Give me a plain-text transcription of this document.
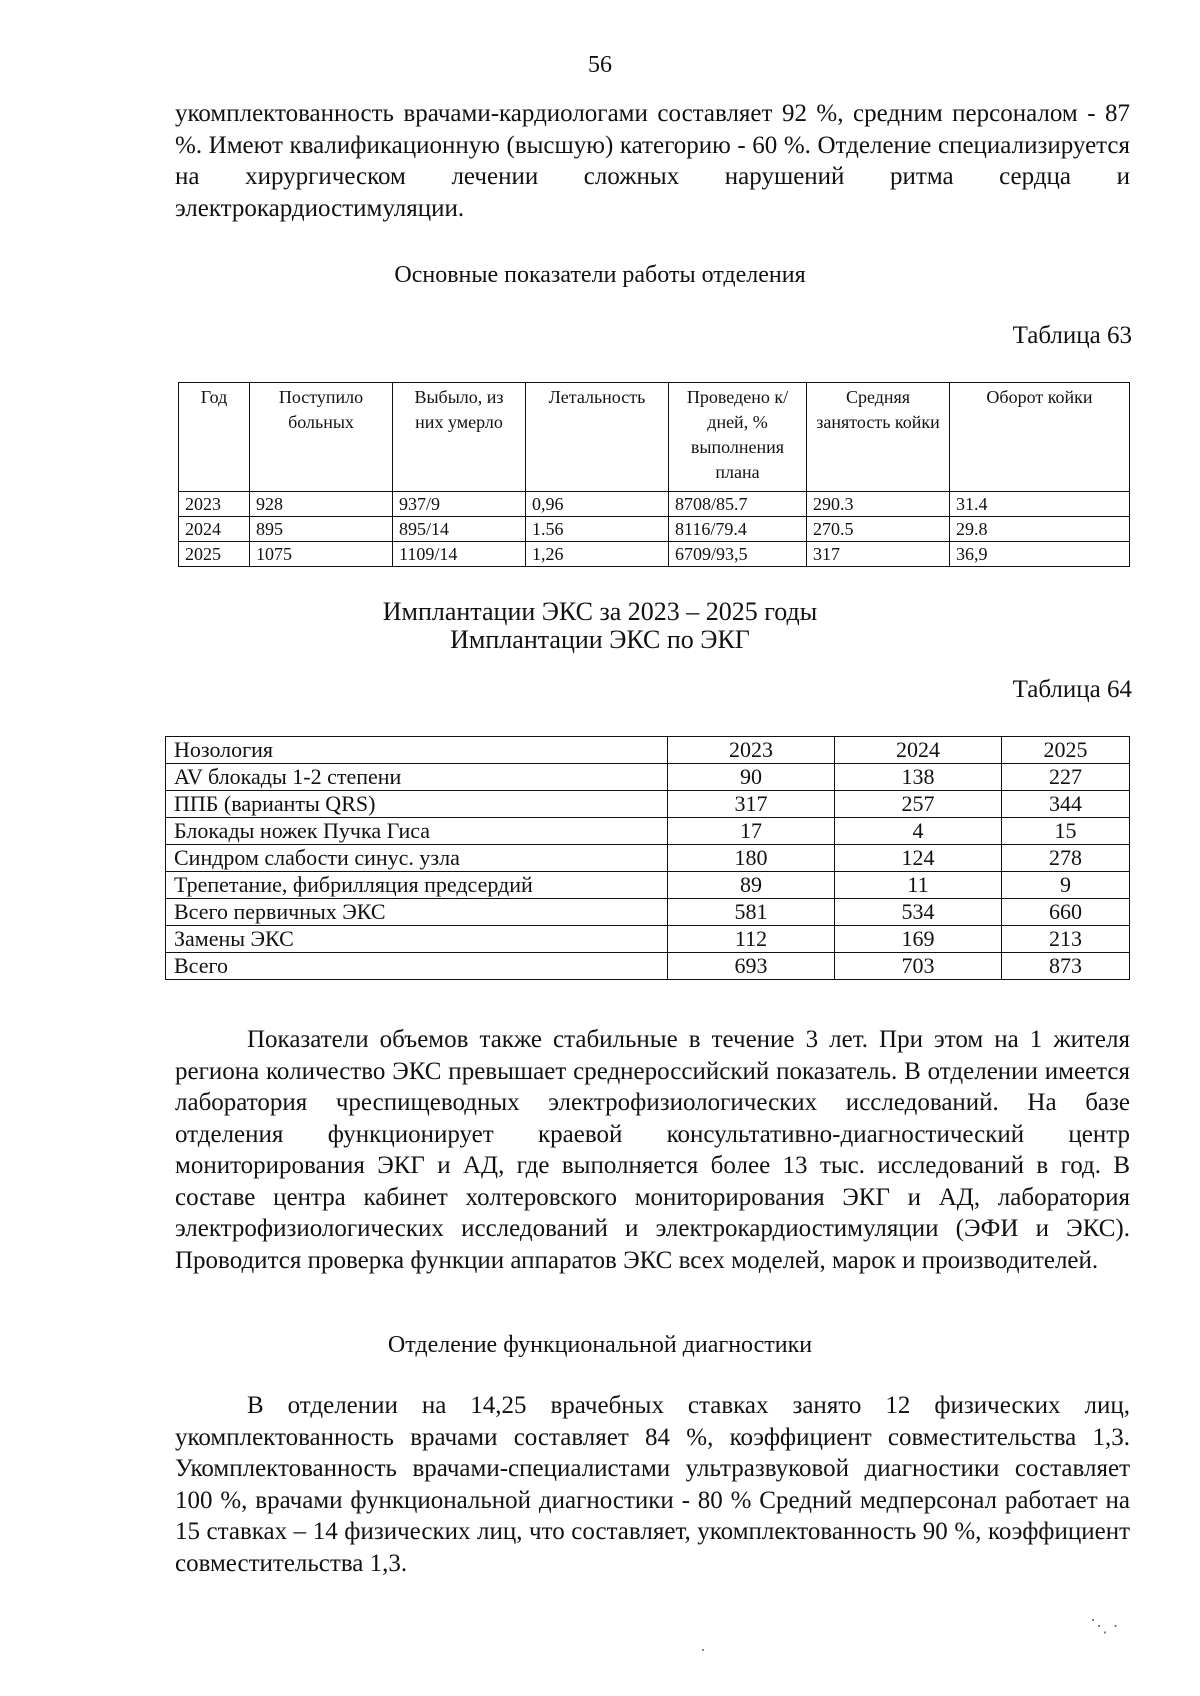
56

укомплектованность врачами-кардиологами составляет 92 %, средним персоналом - 87 %. Имеют квалификационную (высшую) категорию - 60 %. Отделение специализируется на хирургическом лечении сложных нарушений ритма сердца и электрокардиостимуляции.

Основные показатели работы отделения
Таблица 63
Год	Поступило больных	Выбыло, из них умерло	Летальность	Проведено к/дней, % выполнения плана	Средняя занятость койки	Оборот койки
2023	928	937/9	0,96	8708/85.7	290.3	31.4
2024	895	895/14	1.56	8116/79.4	270.5	29.8
2025	1075	1109/14	1,26	6709/93,5	317	36,9
Имплантации ЭКС за 2023 – 2025 годы
Имплантации ЭКС по ЭКГ
Таблица 64
Нозология	2023	2024	2025
AV блокады 1-2 степени	90	138	227
ППБ (варианты QRS)	317	257	344
Блокады ножек Пучка Гиса	17	4	15
Синдром слабости синус. узла	180	124	278
Трепетание, фибрилляция предсердий	89	11	9
Всего первичных ЭКС	581	534	660
Замены ЭКС	112	169	213
Всего	693	703	873

Показатели объемов также стабильные в течение 3 лет. При этом на 1 жителя региона количество ЭКС превышает среднероссийский показатель. В отделении имеется лаборатория чреспищеводных электрофизиологических исследований. На базе отделения функционирует краевой консультативно-диагностический центр мониторирования ЭКГ и АД, где выполняется более 13 тыс. исследований в год. В составе центра кабинет холтеровского мониторирования ЭКГ и АД, лаборатория электрофизиологических исследований и электрокардиостимуляции (ЭФИ и ЭКС). Проводится проверка функции аппаратов ЭКС всех моделей, марок и производителей.

Отделение функциональной диагностики

В отделении на 14,25 врачебных ставках занято 12 физических лиц, укомплектованность врачами составляет 84 %, коэффициент совместительства 1,3. Укомплектованность врачами-специалистами ультразвуковой диагностики составляет 100 %, врачами функциональной диагностики - 80 % Средний медперсонал работает на 15 ставках – 14 физических лиц, что составляет, укомплектованность 90 %, коэффициент совместительства 1,3.

⋱ ·
·
